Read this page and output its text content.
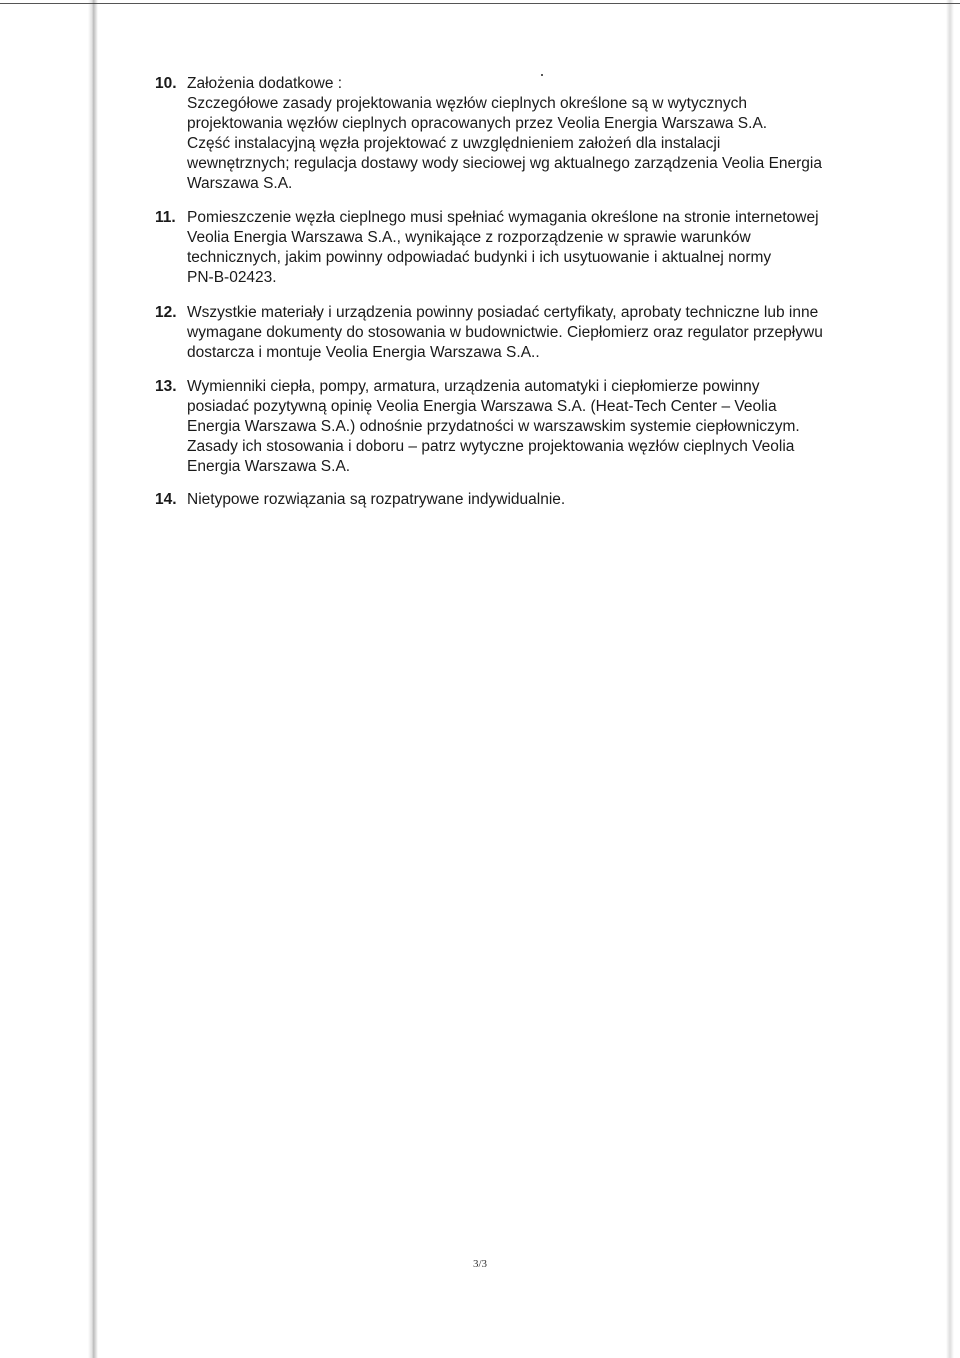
10. Założenia dodatkowe :
Szczegółowe zasady projektowania węzłów cieplnych określone są w wytycznych
projektowania węzłów cieplnych opracowanych przez Veolia Energia Warszawa S.A.
Część instalacyjną węzła projektować z uwzględnieniem założeń dla instalacji
wewnętrznych; regulacja dostawy wody sieciowej wg aktualnego zarządzenia Veolia Energia
Warszawa S.A.
11. Pomieszczenie węzła cieplnego musi spełniać wymagania określone na stronie internetowej
Veolia Energia Warszawa S.A., wynikające z rozporządzenie w sprawie warunków
technicznych, jakim powinny odpowiadać budynki i ich usytuowanie i aktualnej normy
PN-B-02423.
12. Wszystkie materiały i urządzenia powinny posiadać certyfikaty, aprobaty techniczne lub inne
wymagane dokumenty do stosowania w budownictwie. Ciepłomierz oraz regulator przepływu
dostarcza i montuje Veolia Energia Warszawa S.A..
13. Wymienniki ciepła, pompy, armatura, urządzenia automatyki i ciepłomierze powinny
posiadać pozytywną opinię Veolia Energia Warszawa S.A. (Heat-Tech Center – Veolia
Energia Warszawa S.A.) odnośnie przydatności w warszawskim systemie ciepłowniczym.
Zasady ich stosowania i doboru – patrz wytyczne projektowania węzłów cieplnych Veolia
Energia Warszawa S.A.
14. Nietypowe rozwiązania są rozpatrywane indywidualnie.
3/3
